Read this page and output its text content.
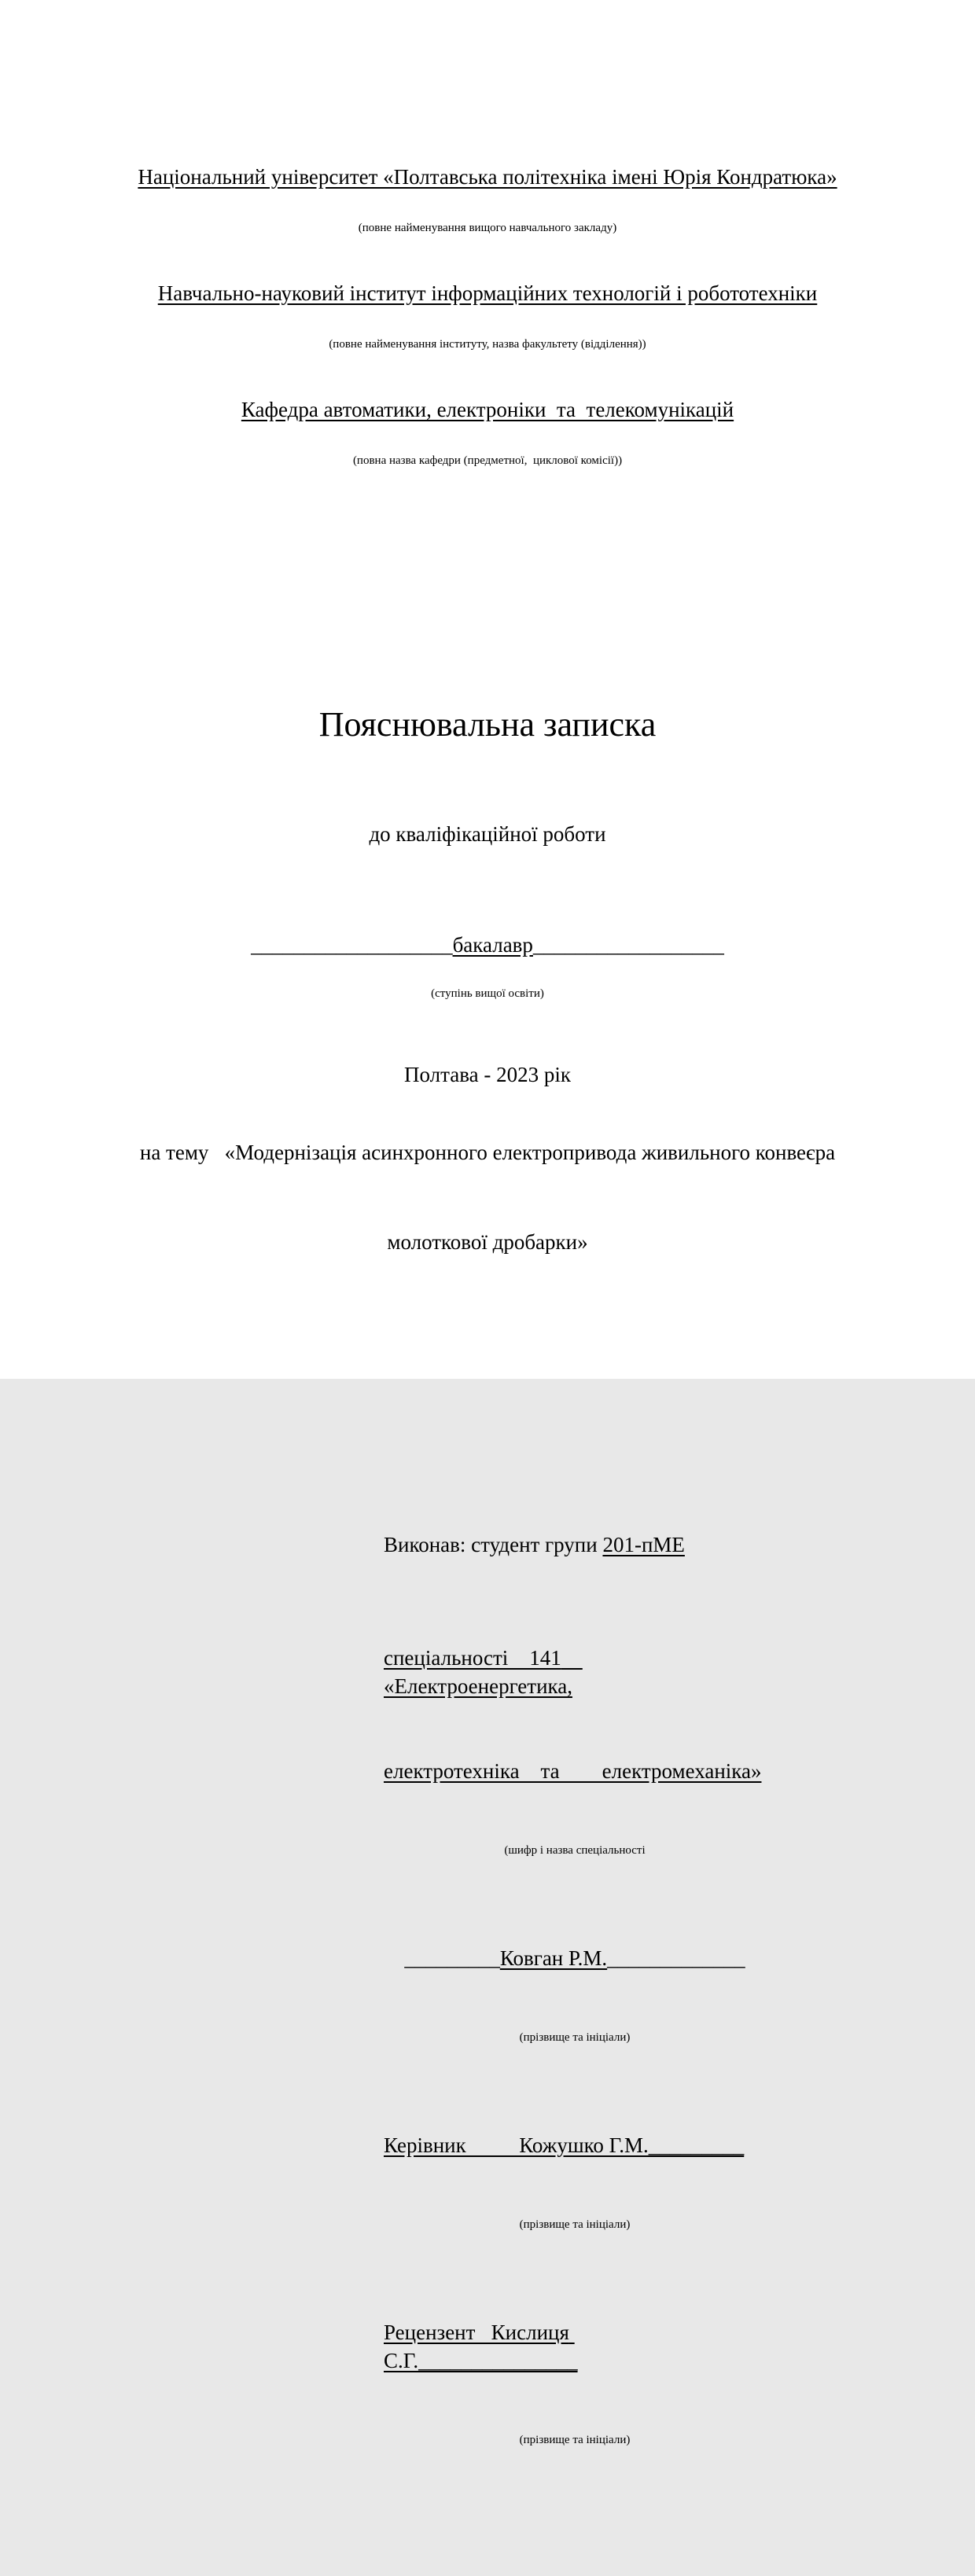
Національний університет «Полтавська політехніка імені Юрія Кондратюка»

(повне найменування вищого навчального закладу)

Навчально-науковий інститут інформаційних технологій і робототехніки

(повне найменування інституту, назва факультету (відділення))

Кафедра автоматики, електроніки  та  телекомунікацій

(повна назва кафедри (предметної,  циклової комісії))

Пояснювальна записка

до кваліфікаційної роботи

___________________бакалавр__________________

(ступінь вищої освіти)

на тему   «Модернізація асинхронного електропривода живильного конвеєра

молоткової дробарки»

Виконав: студент групи 201-пМЕ

спеціальності    141    «Електроенергетика,

електротехніка    та        електромеханіка»

(шифр і назва спеціальності

_________Ковган Р.М._____________

(прізвище та ініціали)

Керівник          Кожушко Г.М._________

(прізвище та ініціали)

Рецензент   Кислиця С.Г._______________

(прізвище та ініціали)

Полтава - 2023 рік
